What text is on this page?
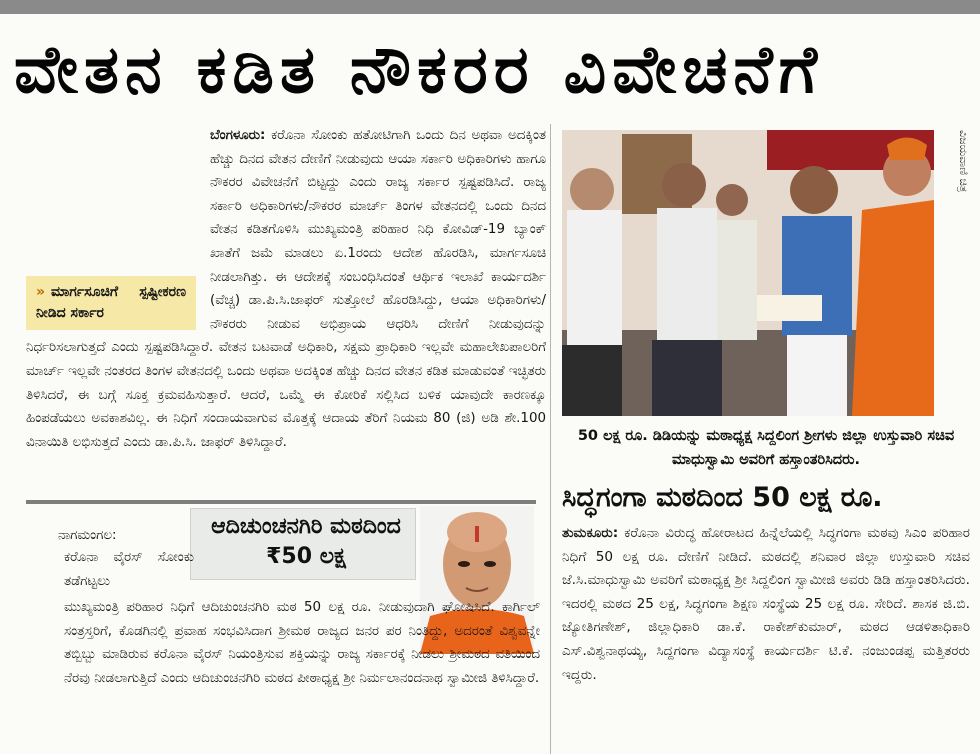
ವೇತನ ಕಡಿತ ನೌಕರರ ವಿವೇಚನೆಗೆ
» ಮಾರ್ಗಸೂಚಿಗೆ ಸ್ಪಷ್ಟೀಕರಣ ನೀಡಿದ ಸರ್ಕಾರ
ಬೆಂಗಳೂರು: ಕರೊನಾ ಸೋಂಕು ಹತೋಟಿಗಾಗಿ ಒಂದು ದಿನ ಅಥವಾ ಅದಕ್ಕಿಂತ ಹೆಚ್ಚು ದಿನದ ವೇತನ ದೇಣಿಗೆ ನೀಡುವುದು ಆಯಾ ಸರ್ಕಾರಿ ಅಧಿಕಾರಿಗಳು ಹಾಗೂ ನೌಕರರ ವಿವೇಚನೆಗೆ ಬಿಟ್ಟದ್ದು ಎಂದು ರಾಜ್ಯ ಸರ್ಕಾರ ಸ್ಪಷ್ಟಪಡಿಸಿದೆ. ರಾಜ್ಯ ಸರ್ಕಾರಿ ಅಧಿಕಾರಿಗಳು/ನೌಕರರ ಮಾರ್ಚ್ ತಿಂಗಳ ವೇತನದಲ್ಲಿ ಒಂದು ದಿನದ ವೇತನ ಕಡಿತಗೊಳಿಸಿ ಮುಖ್ಯಮಂತ್ರಿ ಪರಿಹಾರ ನಿಧಿ ಕೋವಿಡ್-19 ಬ್ಯಾಂಕ್ ಖಾತೆಗೆ ಜಮೆ ಮಾಡಲು ಏ.1ರಂದು ಆದೇಶ ಹೊರಡಿಸಿ, ಮಾರ್ಗಸೂಚಿ ನೀಡಲಾಗಿತ್ತು. ಈ ಆದೇಶಕ್ಕೆ ಸಂಬಂಧಿಸಿದಂತೆ ಆರ್ಥಿಕ ಇಲಾಖೆ ಕಾರ್ಯದರ್ಶಿ (ವೆಚ್ಚ) ಡಾ.ಪಿ.ಸಿ.ಜಾಫರ್ ಸುತ್ತೋಲೆ ಹೊರಡಿಸಿದ್ದು, ಆಯಾ ಅಧಿಕಾರಿಗಳು/ನೌಕರರು ನೀಡುವ ಅಭಿಪ್ರಾಯ ಆಧರಿಸಿ ದೇಣಿಗೆ ನೀಡುವುದನ್ನು ನಿರ್ಧರಿಸಲಾಗುತ್ತದೆ ಎಂದು ಸ್ಪಷ್ಟಪಡಿಸಿದ್ದಾರೆ. ವೇತನ ಬಟವಾಡೆ ಅಧಿಕಾರಿ, ಸಕ್ಷಮ ಪ್ರಾಧಿಕಾರಿ ಇಲ್ಲವೇ ಮಹಾಲೇಖಪಾಲರಿಗೆ ಮಾರ್ಚ್ ಇಲ್ಲವೇ ನಂತರದ ತಿಂಗಳ ವೇತನದಲ್ಲಿ ಒಂದು ಅಥವಾ ಅದಕ್ಕಿಂತ ಹೆಚ್ಚು ದಿನದ ವೇತನ ಕಡಿತ ಮಾಡುವಂತೆ ಇಚ್ಛಿತರು ತಿಳಿಸಿದರೆ, ಈ ಬಗ್ಗೆ ಸೂಕ್ತ ಕ್ರಮವಹಿಸುತ್ತಾರೆ. ಆದರೆ, ಒಮ್ಮೆ ಈ ಕೋರಿಕೆ ಸಲ್ಲಿಸಿದ ಬಳಿಕ ಯಾವುದೇ ಕಾರಣಕ್ಕೂ ಹಿಂಪಡೆಯಲು ಅವಕಾಶವಿಲ್ಲ. ಈ ನಿಧಿಗೆ ಸಂದಾಯವಾಗುವ ಮೊತ್ತಕ್ಕೆ ಆದಾಯ ತೆರಿಗೆ ನಿಯಮ 80 (ಜಿ) ಅಡಿ ಶೇ.100 ವಿನಾಯಿತಿ ಲಭಿಸುತ್ತದೆ ಎಂದು ಡಾ.ಪಿ.ಸಿ. ಜಾಫರ್ ತಿಳಿಸಿದ್ದಾರೆ.
ವಿಜಯವಾಣಿ ಚಿತ್ರ
50 ಲಕ್ಷ ರೂ. ಡಿಡಿಯನ್ನು ಮಠಾಧ್ಯಕ್ಷ ಸಿದ್ದಲಿಂಗ ಶ್ರೀಗಳು ಜಿಲ್ಲಾ ಉಸ್ತುವಾರಿ ಸಚಿವ ಮಾಧುಸ್ವಾಮಿ ಅವರಿಗೆ ಹಸ್ತಾಂತರಿಸಿದರು.
ಸಿದ್ಧಗಂಗಾ ಮಠದಿಂದ 50 ಲಕ್ಷ ರೂ.
ತುಮಕೂರು: ಕರೊನಾ ವಿರುದ್ಧ ಹೋರಾಟದ ಹಿನ್ನೆಲೆಯಲ್ಲಿ ಸಿದ್ಧಗಂಗಾ ಮಠವು ಸಿಎಂ ಪರಿಹಾರ ನಿಧಿಗೆ 50 ಲಕ್ಷ ರೂ. ದೇಣಿಗೆ ನೀಡಿದೆ. ಮಠದಲ್ಲಿ ಶನಿವಾರ ಜಿಲ್ಲಾ ಉಸ್ತುವಾರಿ ಸಚಿವ ಜೆ.ಸಿ.ಮಾಧುಸ್ವಾಮಿ ಅವರಿಗೆ ಮಠಾಧ್ಯಕ್ಷ ಶ್ರೀ ಸಿದ್ದಲಿಂಗ ಸ್ವಾಮೀಜಿ ಅವರು ಡಿಡಿ ಹಸ್ತಾಂತರಿಸಿದರು. ಇದರಲ್ಲಿ ಮಠದ 25 ಲಕ್ಷ, ಸಿದ್ಧಗಂಗಾ ಶಿಕ್ಷಣ ಸಂಸ್ಥೆಯ 25 ಲಕ್ಷ ರೂ. ಸೇರಿದೆ. ಶಾಸಕ ಜಿ.ಬಿ. ಜ್ಯೋತಿಗಣೇಶ್, ಜಿಲ್ಲಾಧಿಕಾರಿ ಡಾ.ಕೆ. ರಾಕೇಶ್‌ಕುಮಾರ್, ಮಠದ ಆಡಳಿತಾಧಿಕಾರಿ ಎಸ್.ವಿಶ್ವನಾಥಯ್ಯ, ಸಿದ್ದಗಂಗಾ ವಿದ್ಯಾಸಂಸ್ಥೆ ಕಾರ್ಯದರ್ಶಿ ಟಿ.ಕೆ. ನಂಜುಂಡಪ್ಪ ಮತ್ತಿತರರು ಇದ್ದರು.
ಆದಿಚುಂಚನಗಿರಿ ಮಠದಿಂದ ₹50 ಲಕ್ಷ
ನಾಗಮಂಗಲ:
ಕರೊನಾ ವೈರಸ್ ಸೋಂಕು ತಡೆಗಟ್ಟಲು
ಮುಖ್ಯಮಂತ್ರಿ ಪರಿಹಾರ ನಿಧಿಗೆ ಆದಿಚುಂಚನಗಿರಿ ಮಠ 50 ಲಕ್ಷ ರೂ. ನೀಡುವುದಾಗಿ ಘೋಷಿಸಿದೆ. ಕಾರ್ಗಿಲ್ ಸಂತ್ರಸ್ತರಿಗೆ, ಕೊಡಗಿನಲ್ಲಿ ಪ್ರವಾಹ ಸಂಭವಿಸಿದಾಗ ಶ್ರೀಮಠ ರಾಜ್ಯದ ಜನರ ಪರ ನಿಂತಿದ್ದು, ಅದರಂತೆ ವಿಶ್ವವನ್ನೇ ತಬ್ಬಿಬ್ಬು ಮಾಡಿರುವ ಕರೊನಾ ವೈರಸ್ ನಿಯಂತ್ರಿಸುವ ಶಕ್ತಿಯನ್ನು ರಾಜ್ಯ ಸರ್ಕಾರಕ್ಕೆ ನೀಡಲು ಶ್ರೀಮಠದ ವತಿಯಿಂದ ನೆರವು ನೀಡಲಾಗುತ್ತಿದೆ ಎಂದು ಆದಿಚುಂಚನಗಿರಿ ಮಠದ ಪೀಠಾಧ್ಯಕ್ಷ ಶ್ರೀ ನಿರ್ಮಲಾನಂದನಾಥ ಸ್ವಾಮೀಜಿ ತಿಳಿಸಿದ್ದಾರೆ.
